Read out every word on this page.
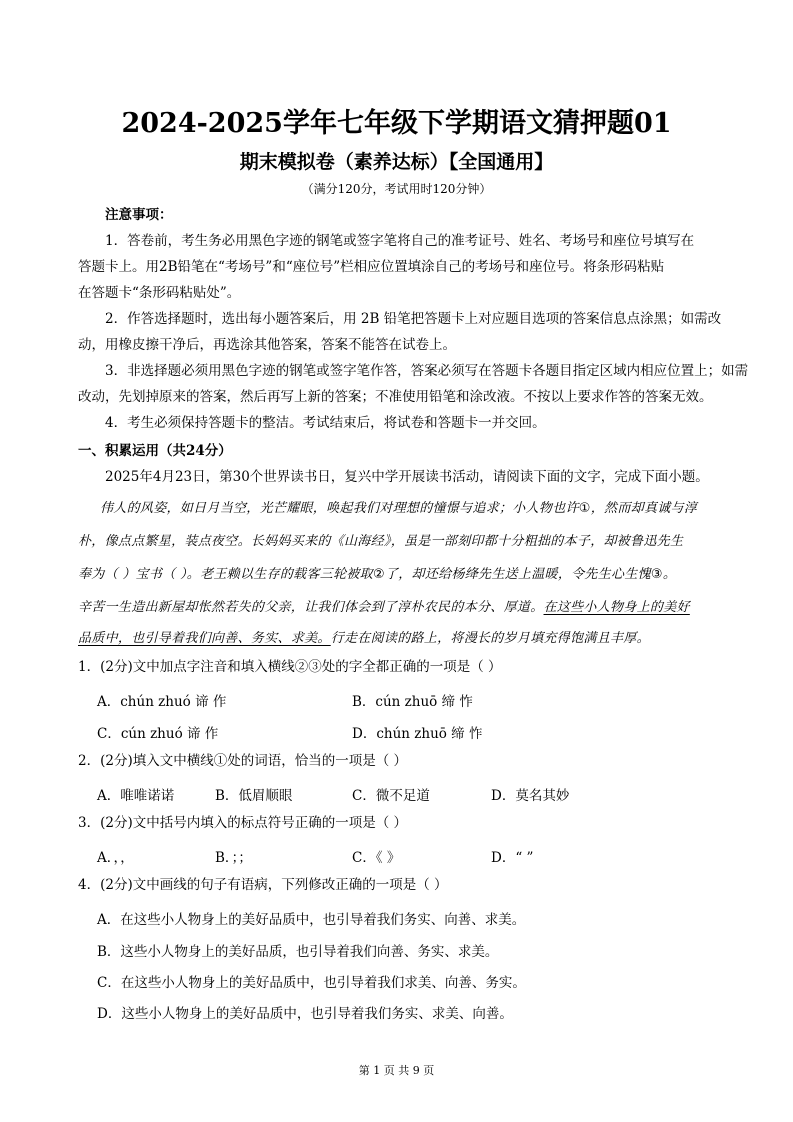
2024-2025学年七年级下学期语文猜押题01
期末模拟卷（素养达标）【全国通用】
（满分120分，考试用时120分钟）
注意事项：
1．答卷前，考生务必用黑色字迹的钢笔或签字笔将自己的准考证号、姓名、考场号和座位号填写在
答题卡上。用2B铅笔在“考场号”和“座位号”栏相应位置填涂自己的考场号和座位号。将条形码粘贴
在答题卡“条形码粘贴处”。
2．作答选择题时，选出每小题答案后，用 2B 铅笔把答题卡上对应题目选项的答案信息点涂黑；如需改
动，用橡皮擦干净后，再选涂其他答案，答案不能答在试卷上。
3．非选择题必须用黑色字迹的钢笔或签字笔作答，答案必须写在答题卡各题目指定区域内相应位置上；如需
改动，先划掉原来的答案，然后再写上新的答案；不准使用铅笔和涂改液。不按以上要求作答的答案无效。
4．考生必须保持答题卡的整洁。考试结束后，将试卷和答题卡一并交回。
一、积累运用（共24分）
2025年4月23日，第30个世界读书日，复兴中学开展读书活动，请阅读下面的文字，完成下面小题。
伟人的风姿，如日月当空，光芒耀眼，唤起我们对理想的憧憬与追求；小人物也许①，然而却真诚与淳
朴，像点点繁星，装点夜空。长妈妈买来的《山海经》，虽是一部刻印都十分粗拙的本子，却被鲁迅先生
奉为（ ）宝书（ ）。老王赖以生存的载客三轮被取②了，却还给杨绛先生送上温暖，令先生心生愧③。
辛苦一生造出新屋却怅然若失的父亲，让我们体会到了淳朴农民的本分、厚道。在这些小人物身上的美好
品质中，也引导着我们向善、务实、求美。行走在阅读的路上，将漫长的岁月填充得饱满且丰厚。
1．(2分)文中加点字注音和填入横线②③处的字全都正确的一项是（ ）
A．chún zhuó 谛 作	B．cún zhuō 缔 怍
C．cún zhuó 谛 作	D．chún zhuō 缔 怍
2．(2分)填入文中横线①处的词语，恰当的一项是（ ）
A．唯唯诺诺	B．低眉顺眼	C．微不足道	D．莫名其妙
3．(2分)文中括号内填入的标点符号正确的一项是（ ）
A．，，	B．；；	C．《 》	D．“ ”
4．(2分)文中画线的句子有语病，下列修改正确的一项是（ ）
A．在这些小人物身上的美好品质中，也引导着我们务实、向善、求美。
B．这些小人物身上的美好品质，也引导着我们向善、务实、求美。
C．在这些小人物身上的美好品质中，也引导着我们求美、向善、务实。
D．这些小人物身上的美好品质中，也引导着我们务实、求美、向善。
第 1 页 共 9 页
